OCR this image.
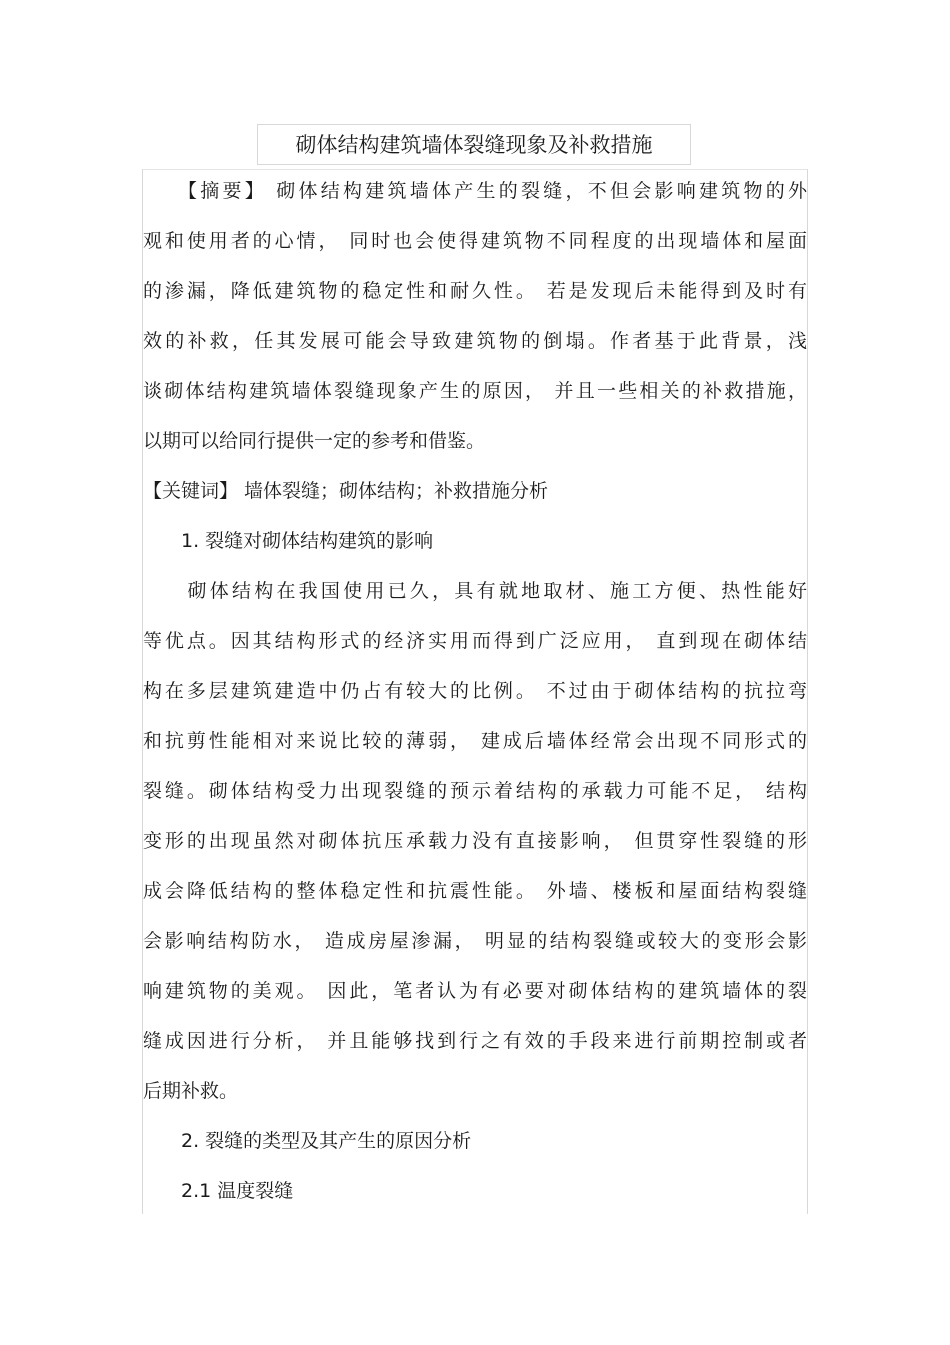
砌体结构建筑墙体裂缝现象及补救措施
　　【摘要】 砌体结构建筑墙体产生的裂缝，不但会影响建筑物的外
观和使用者的心情， 同时也会使得建筑物不同程度的出现墙体和屋面
的渗漏，降低建筑物的稳定性和耐久性。 若是发现后未能得到及时有
效的补救，任其发展可能会导致建筑物的倒塌。作者基于此背景，浅
谈砌体结构建筑墙体裂缝现象产生的原因， 并且一些相关的补救措施，
以期可以给同行提供一定的参考和借鉴。
【关键词】 墙体裂缝；砌体结构；补救措施分析
　　1. 裂缝对砌体结构建筑的影响
　　砌体结构在我国使用已久，具有就地取材、施工方便、热性能好
等优点。因其结构形式的经济实用而得到广泛应用， 直到现在砌体结
构在多层建筑建造中仍占有较大的比例。 不过由于砌体结构的抗拉弯
和抗剪性能相对来说比较的薄弱， 建成后墙体经常会出现不同形式的
裂缝。砌体结构受力出现裂缝的预示着结构的承载力可能不足， 结构
变形的出现虽然对砌体抗压承载力没有直接影响， 但贯穿性裂缝的形
成会降低结构的整体稳定性和抗震性能。 外墙、楼板和屋面结构裂缝
会影响结构防水， 造成房屋渗漏， 明显的结构裂缝或较大的变形会影
响建筑物的美观。 因此，笔者认为有必要对砌体结构的建筑墙体的裂
缝成因进行分析， 并且能够找到行之有效的手段来进行前期控制或者
后期补救。
　　2. 裂缝的类型及其产生的原因分析
　　2.1 温度裂缝
